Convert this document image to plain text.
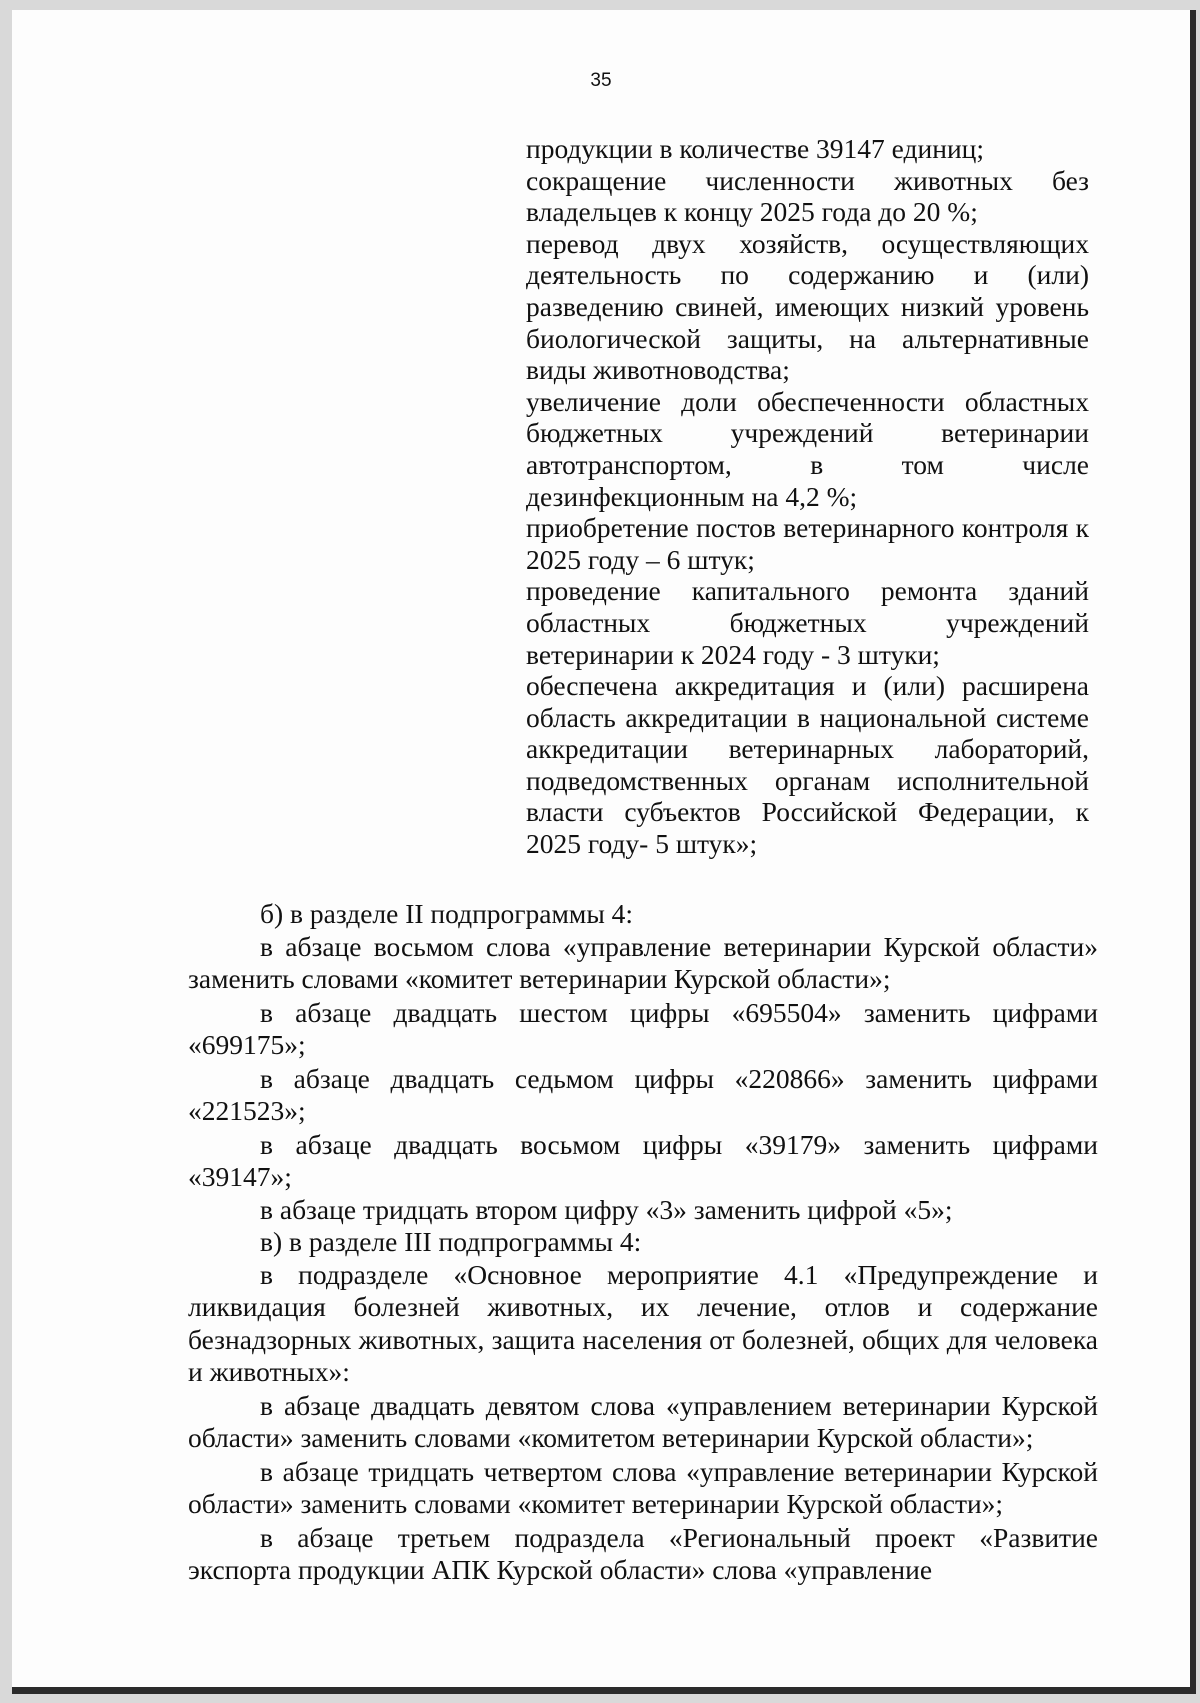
35

продукции в количестве 39147 единиц;

сокращение численности животных без владельцев к концу 2025 года до 20 %;

перевод двух хозяйств, осуществляющих деятельность по содержанию и (или) разведению свиней, имеющих низкий уровень биологической защиты, на альтернативные виды животноводства;

увеличение доли обеспеченности областных бюджетных учреждений ветеринарии автотранспортом, в том числе дезинфекционным на 4,2 %;

приобретение постов ветеринарного контроля к 2025 году – 6 штук;

проведение капитального ремонта зданий областных бюджетных учреждений ветеринарии к 2024 году - 3 штуки;

обеспечена аккредитация и (или) расширена область аккредитации в национальной системе аккредитации ветеринарных лабораторий, подведомственных органам исполнительной власти субъектов Российской Федерации, к 2025 году- 5 штук»;

б) в разделе II подпрограммы 4:

в абзаце восьмом слова «управление ветеринарии Курской области» заменить словами «комитет ветеринарии Курской области»;

в абзаце двадцать шестом цифры «695504» заменить цифрами «699175»;

в абзаце двадцать седьмом цифры «220866» заменить цифрами «221523»;

в абзаце двадцать восьмом цифры «39179» заменить цифрами «39147»;

в абзаце тридцать втором цифру «3» заменить цифрой «5»;

в) в разделе III подпрограммы 4:

в подразделе «Основное мероприятие 4.1 «Предупреждение и ликвидация болезней животных, их лечение, отлов и содержание безнадзорных животных, защита населения от болезней, общих для человека и животных»:

в абзаце двадцать девятом слова «управлением ветеринарии Курской области» заменить словами «комитетом ветеринарии Курской области»;

в абзаце тридцать четвертом слова «управление ветеринарии Курской области» заменить словами «комитет ветеринарии Курской области»;

в абзаце третьем подраздела «Региональный проект «Развитие экспорта продукции АПК Курской области» слова «управление
